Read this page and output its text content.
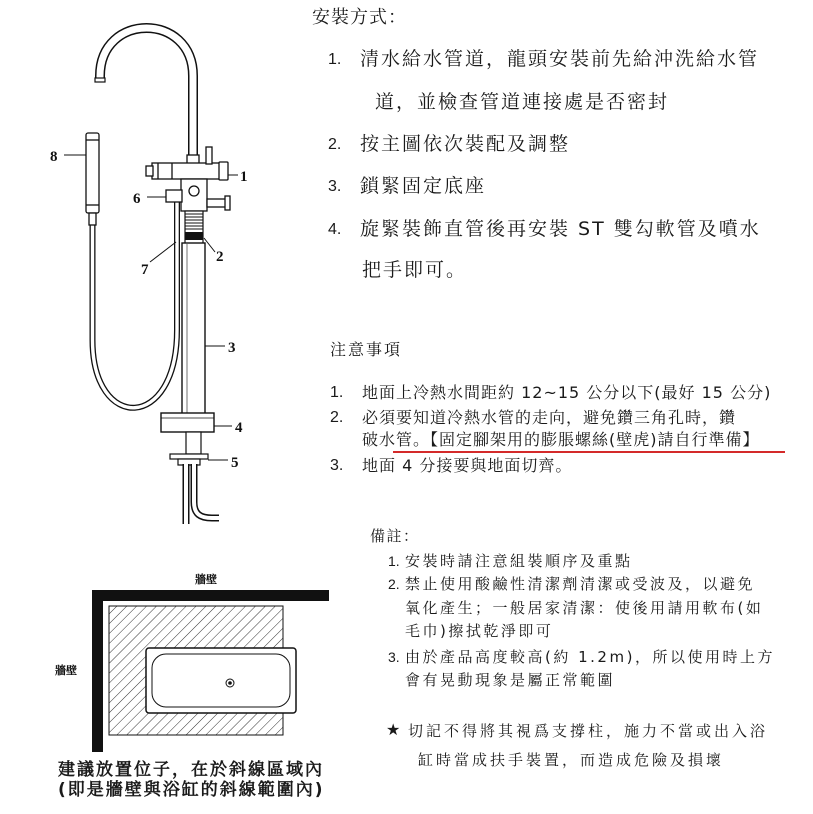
1
2
3
4
5
6
7
8
牆壁
牆壁
建議放置位子，在於斜線區域內
(即是牆壁與浴缸的斜線範圍內)
安裝方式：
1. 清水給水管道，龍頭安裝前先給沖洗給水管
道，並檢查管道連接處是否密封
2. 按主圖依次裝配及調整
3. 鎖緊固定底座
4. 旋緊裝飾直管後再安裝 ST 雙勾軟管及噴水
把手即可。
注意事項
1. 地面上冷熱水間距約 12~15 公分以下(最好 15 公分)
2. 必須要知道冷熱水管的走向，避免鑽三角孔時，鑽
破水管。【固定腳架用的膨脹螺絲(壁虎)請自行準備】
3. 地面 4 分接要與地面切齊。
備註：
1. 安裝時請注意組裝順序及重點
2. 禁止使用酸鹼性清潔劑清潔或受波及，以避免
氧化產生；一般居家清潔：使後用請用軟布(如
毛巾)擦拭乾淨即可
3. 由於產品高度較高(約 1.2m)，所以使用時上方
會有晃動現象是屬正常範圍
★ 切記不得將其視爲支撐柱，施力不當或出入浴
缸時當成扶手裝置，而造成危險及損壞
